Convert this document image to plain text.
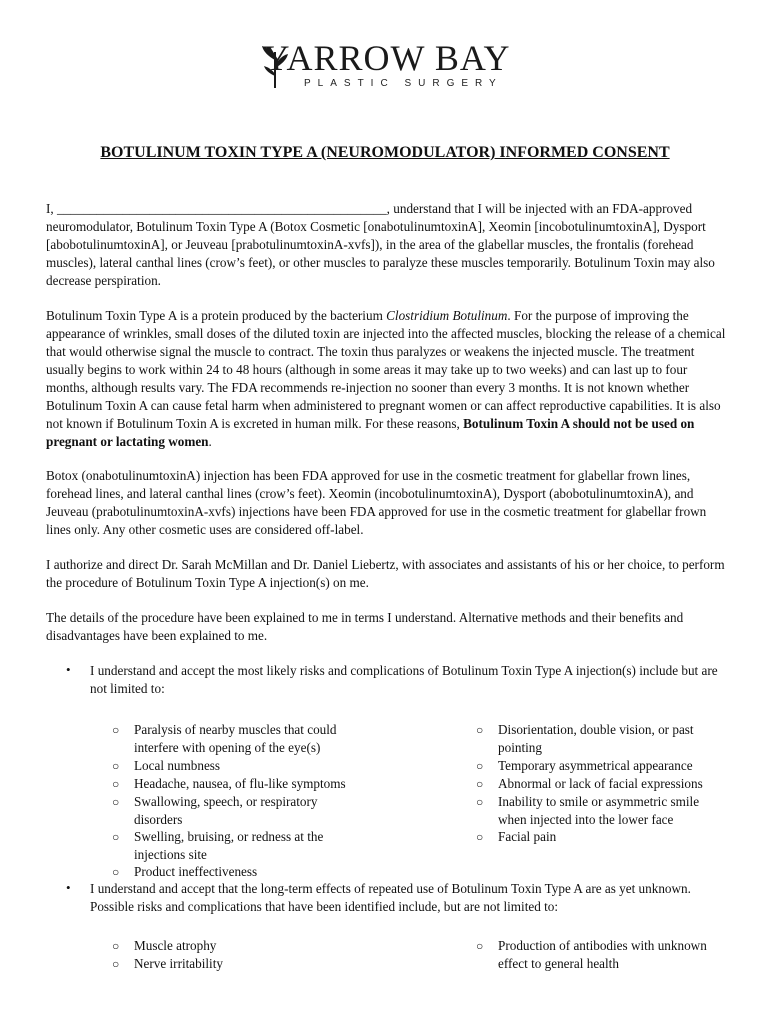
YARROW BAY
PLASTIC SURGERY
BOTULINUM TOXIN TYPE A (NEUROMODULATOR) INFORMED CONSENT

I, __________________________________________________, understand that I will be injected with an FDA-approved neuromodulator, Botulinum Toxin Type A (Botox Cosmetic [onabotulinumtoxinA], Xeomin [incobotulinumtoxinA], Dysport [abobotulinumtoxinA], or Jeuveau [prabotulinumtoxinA-xvfs]), in the area of the glabellar muscles, the frontalis (forehead muscles), lateral canthal lines (crow’s feet), or other muscles to paralyze these muscles temporarily. Botulinum Toxin may also decrease perspiration.

Botulinum Toxin Type A is a protein produced by the bacterium Clostridium Botulinum. For the purpose of improving the appearance of wrinkles, small doses of the diluted toxin are injected into the affected muscles, blocking the release of a chemical that would otherwise signal the muscle to contract. The toxin thus paralyzes or weakens the injected muscle. The treatment usually begins to work within 24 to 48 hours (although in some areas it may take up to two weeks) and can last up to four months, although results vary. The FDA recommends re-injection no sooner than every 3 months. It is not known whether Botulinum Toxin A can cause fetal harm when administered to pregnant women or can affect reproductive capabilities. It is also not known if Botulinum Toxin A is excreted in human milk. For these reasons, Botulinum Toxin A should not be used on pregnant or lactating women.

Botox (onabotulinumtoxinA) injection has been FDA approved for use in the cosmetic treatment for glabellar frown lines, forehead lines, and lateral canthal lines (crow’s feet). Xeomin (incobotulinumtoxinA), Dysport (abobotulinumtoxinA), and Jeuveau (prabotulinumtoxinA-xvfs) injections have been FDA approved for use in the cosmetic treatment for glabellar frown lines only. Any other cosmetic uses are considered off-label.

I authorize and direct Dr. Sarah McMillan and Dr. Daniel Liebertz, with associates and assistants of his or her choice, to perform the procedure of Botulinum Toxin Type A injection(s) on me.

The details of the procedure have been explained to me in terms I understand. Alternative methods and their benefits and disadvantages have been explained to me.

• I understand and accept the most likely risks and complications of Botulinum Toxin Type A injection(s) include but are not limited to:
○ Paralysis of nearby muscles that could interfere with opening of the eye(s)
○ Local numbness
○ Headache, nausea, of flu-like symptoms
○ Swallowing, speech, or respiratory disorders
○ Swelling, bruising, or redness at the injections site
○ Product ineffectiveness
○ Disorientation, double vision, or past pointing
○ Temporary asymmetrical appearance
○ Abnormal or lack of facial expressions
○ Inability to smile or asymmetric smile when injected into the lower face
○ Facial pain
• I understand and accept that the long-term effects of repeated use of Botulinum Toxin Type A are as yet unknown. Possible risks and complications that have been identified include, but are not limited to:
○ Muscle atrophy
○ Nerve irritability
○ Production of antibodies with unknown effect to general health
